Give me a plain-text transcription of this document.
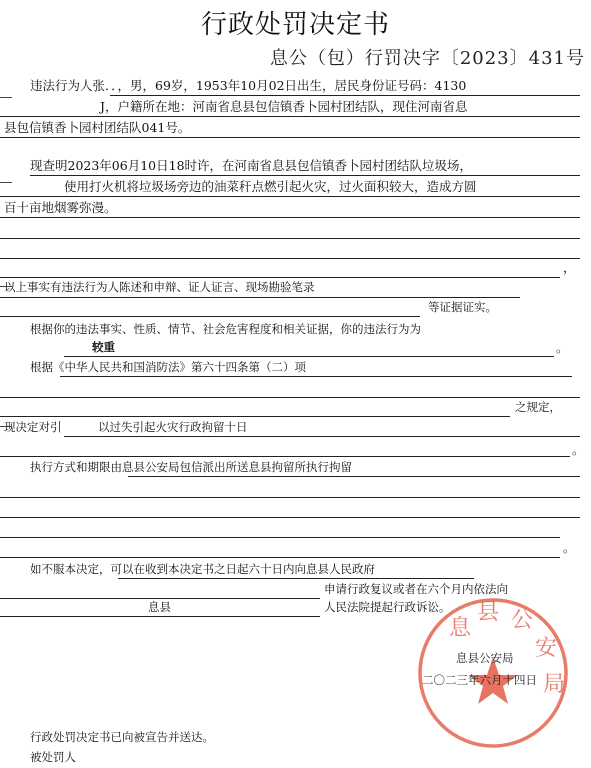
行政处罚决定书
息公（包）行罚决字〔2023〕431号
违法行为人张．．，男，69岁，1953年10月02日出生，居民身份证号码：4130
J，户籍所在地：河南省息县包信镇香卜园村团结队，现住河南省息
县包信镇香卜园村团结队041号。
现查明2023年06月10日18时许，在河南省息县包信镇香卜园村团结队垃圾场，
使用打火机将垃圾场旁边的油菜秆点燃引起火灾，过火面积较大，造成方圆
百十亩地烟雾弥漫。
，
以上事实有违法行为人陈述和申辩、证人证言、现场勘验笔录
等证据证实。
根据你的违法事实、性质、情节、社会危害程度和相关证据，你的违法行为为
较重	。
根据《中华人民共和国消防法》第六十四条第（二）项
之规定，
现决定对引	以过失引起火灾行政拘留十日
。
执行方式和期限由息县公安局包信派出所送息县拘留所执行拘留
。
如不服本决定，可以在收到本决定书之日起六十日内向息县人民政府
申请行政复议或者在六个月内依法向
息县	人民法院提起行政诉讼。
息
县 公
安
局
息县公安局
二〇二三年六月十四日
行政处罚决定书已向被宣告并送达。
被处罚人
